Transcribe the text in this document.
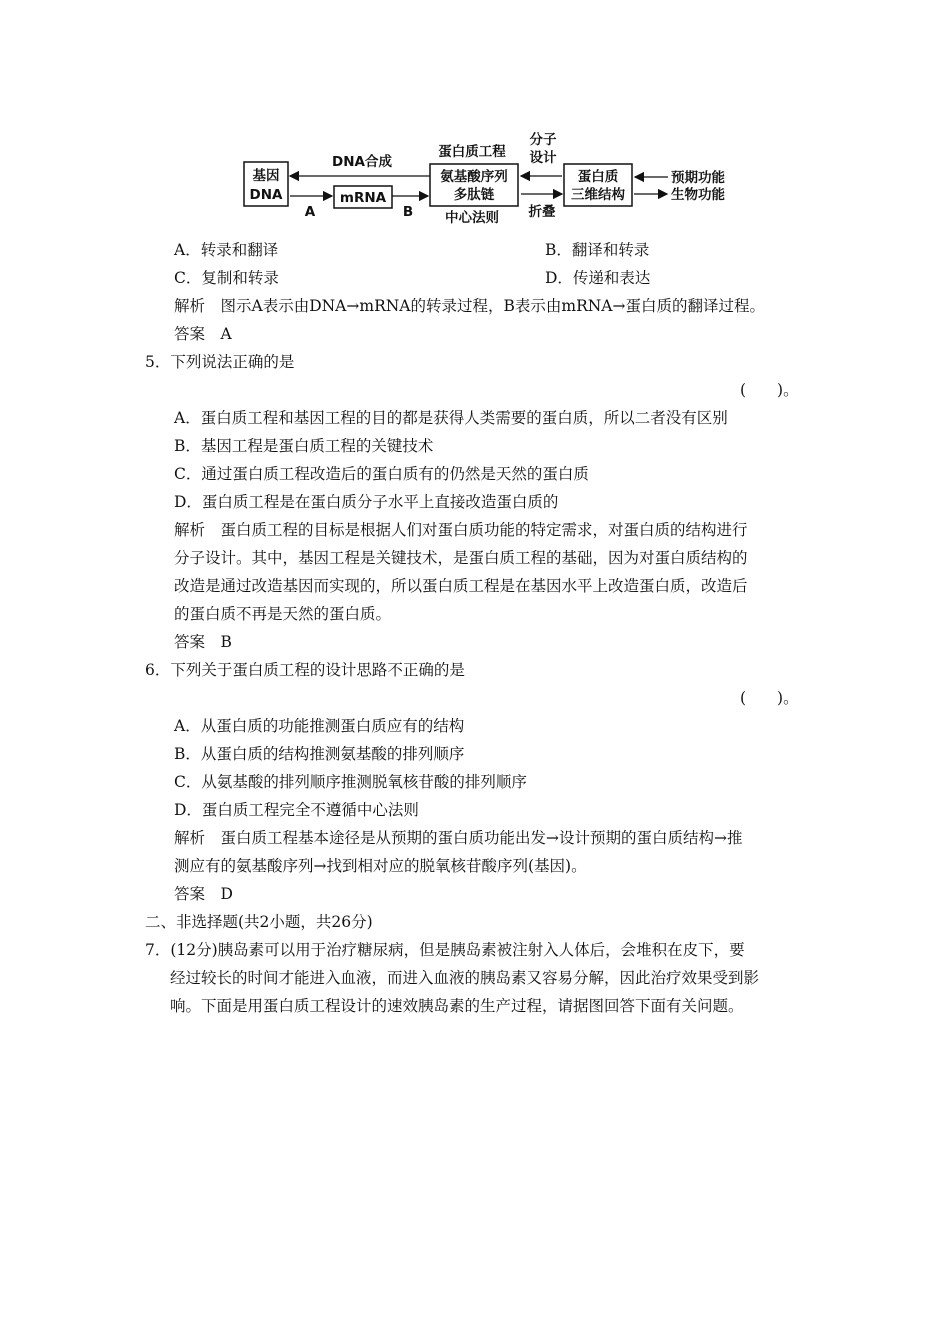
基因
DNA
DNA合成
A
mRNA
B
蛋白质工程
氨基酸序列
多肽链
中心法则
分子
设计
折叠
蛋白质
三维结构
预期功能
生物功能
A．转录和翻译	B．翻译和转录
C．复制和转录	D．传递和表达
解析　图示A表示由DNA→mRNA的转录过程，B表示由mRNA→蛋白质的翻译过程。
答案　A
5．下列说法正确的是
(　　)。
A．蛋白质工程和基因工程的目的都是获得人类需要的蛋白质，所以二者没有区别
B．基因工程是蛋白质工程的关键技术
C．通过蛋白质工程改造后的蛋白质有的仍然是天然的蛋白质
D．蛋白质工程是在蛋白质分子水平上直接改造蛋白质的
解析　蛋白质工程的目标是根据人们对蛋白质功能的特定需求，对蛋白质的结构进行
分子设计。其中，基因工程是关键技术，是蛋白质工程的基础，因为对蛋白质结构的
改造是通过改造基因而实现的，所以蛋白质工程是在基因水平上改造蛋白质，改造后
的蛋白质不再是天然的蛋白质。
答案　B
6．下列关于蛋白质工程的设计思路不正确的是
(　　)。
A．从蛋白质的功能推测蛋白质应有的结构
B．从蛋白质的结构推测氨基酸的排列顺序
C．从氨基酸的排列顺序推测脱氧核苷酸的排列顺序
D．蛋白质工程完全不遵循中心法则
解析　蛋白质工程基本途径是从预期的蛋白质功能出发→设计预期的蛋白质结构→推
测应有的氨基酸序列→找到相对应的脱氧核苷酸序列(基因)。
答案　D
二、非选择题(共2小题，共26分)
7．(12分)胰岛素可以用于治疗糖尿病，但是胰岛素被注射入人体后，会堆积在皮下，要
经过较长的时间才能进入血液，而进入血液的胰岛素又容易分解，因此治疗效果受到影
响。下面是用蛋白质工程设计的速效胰岛素的生产过程，请据图回答下面有关问题。
